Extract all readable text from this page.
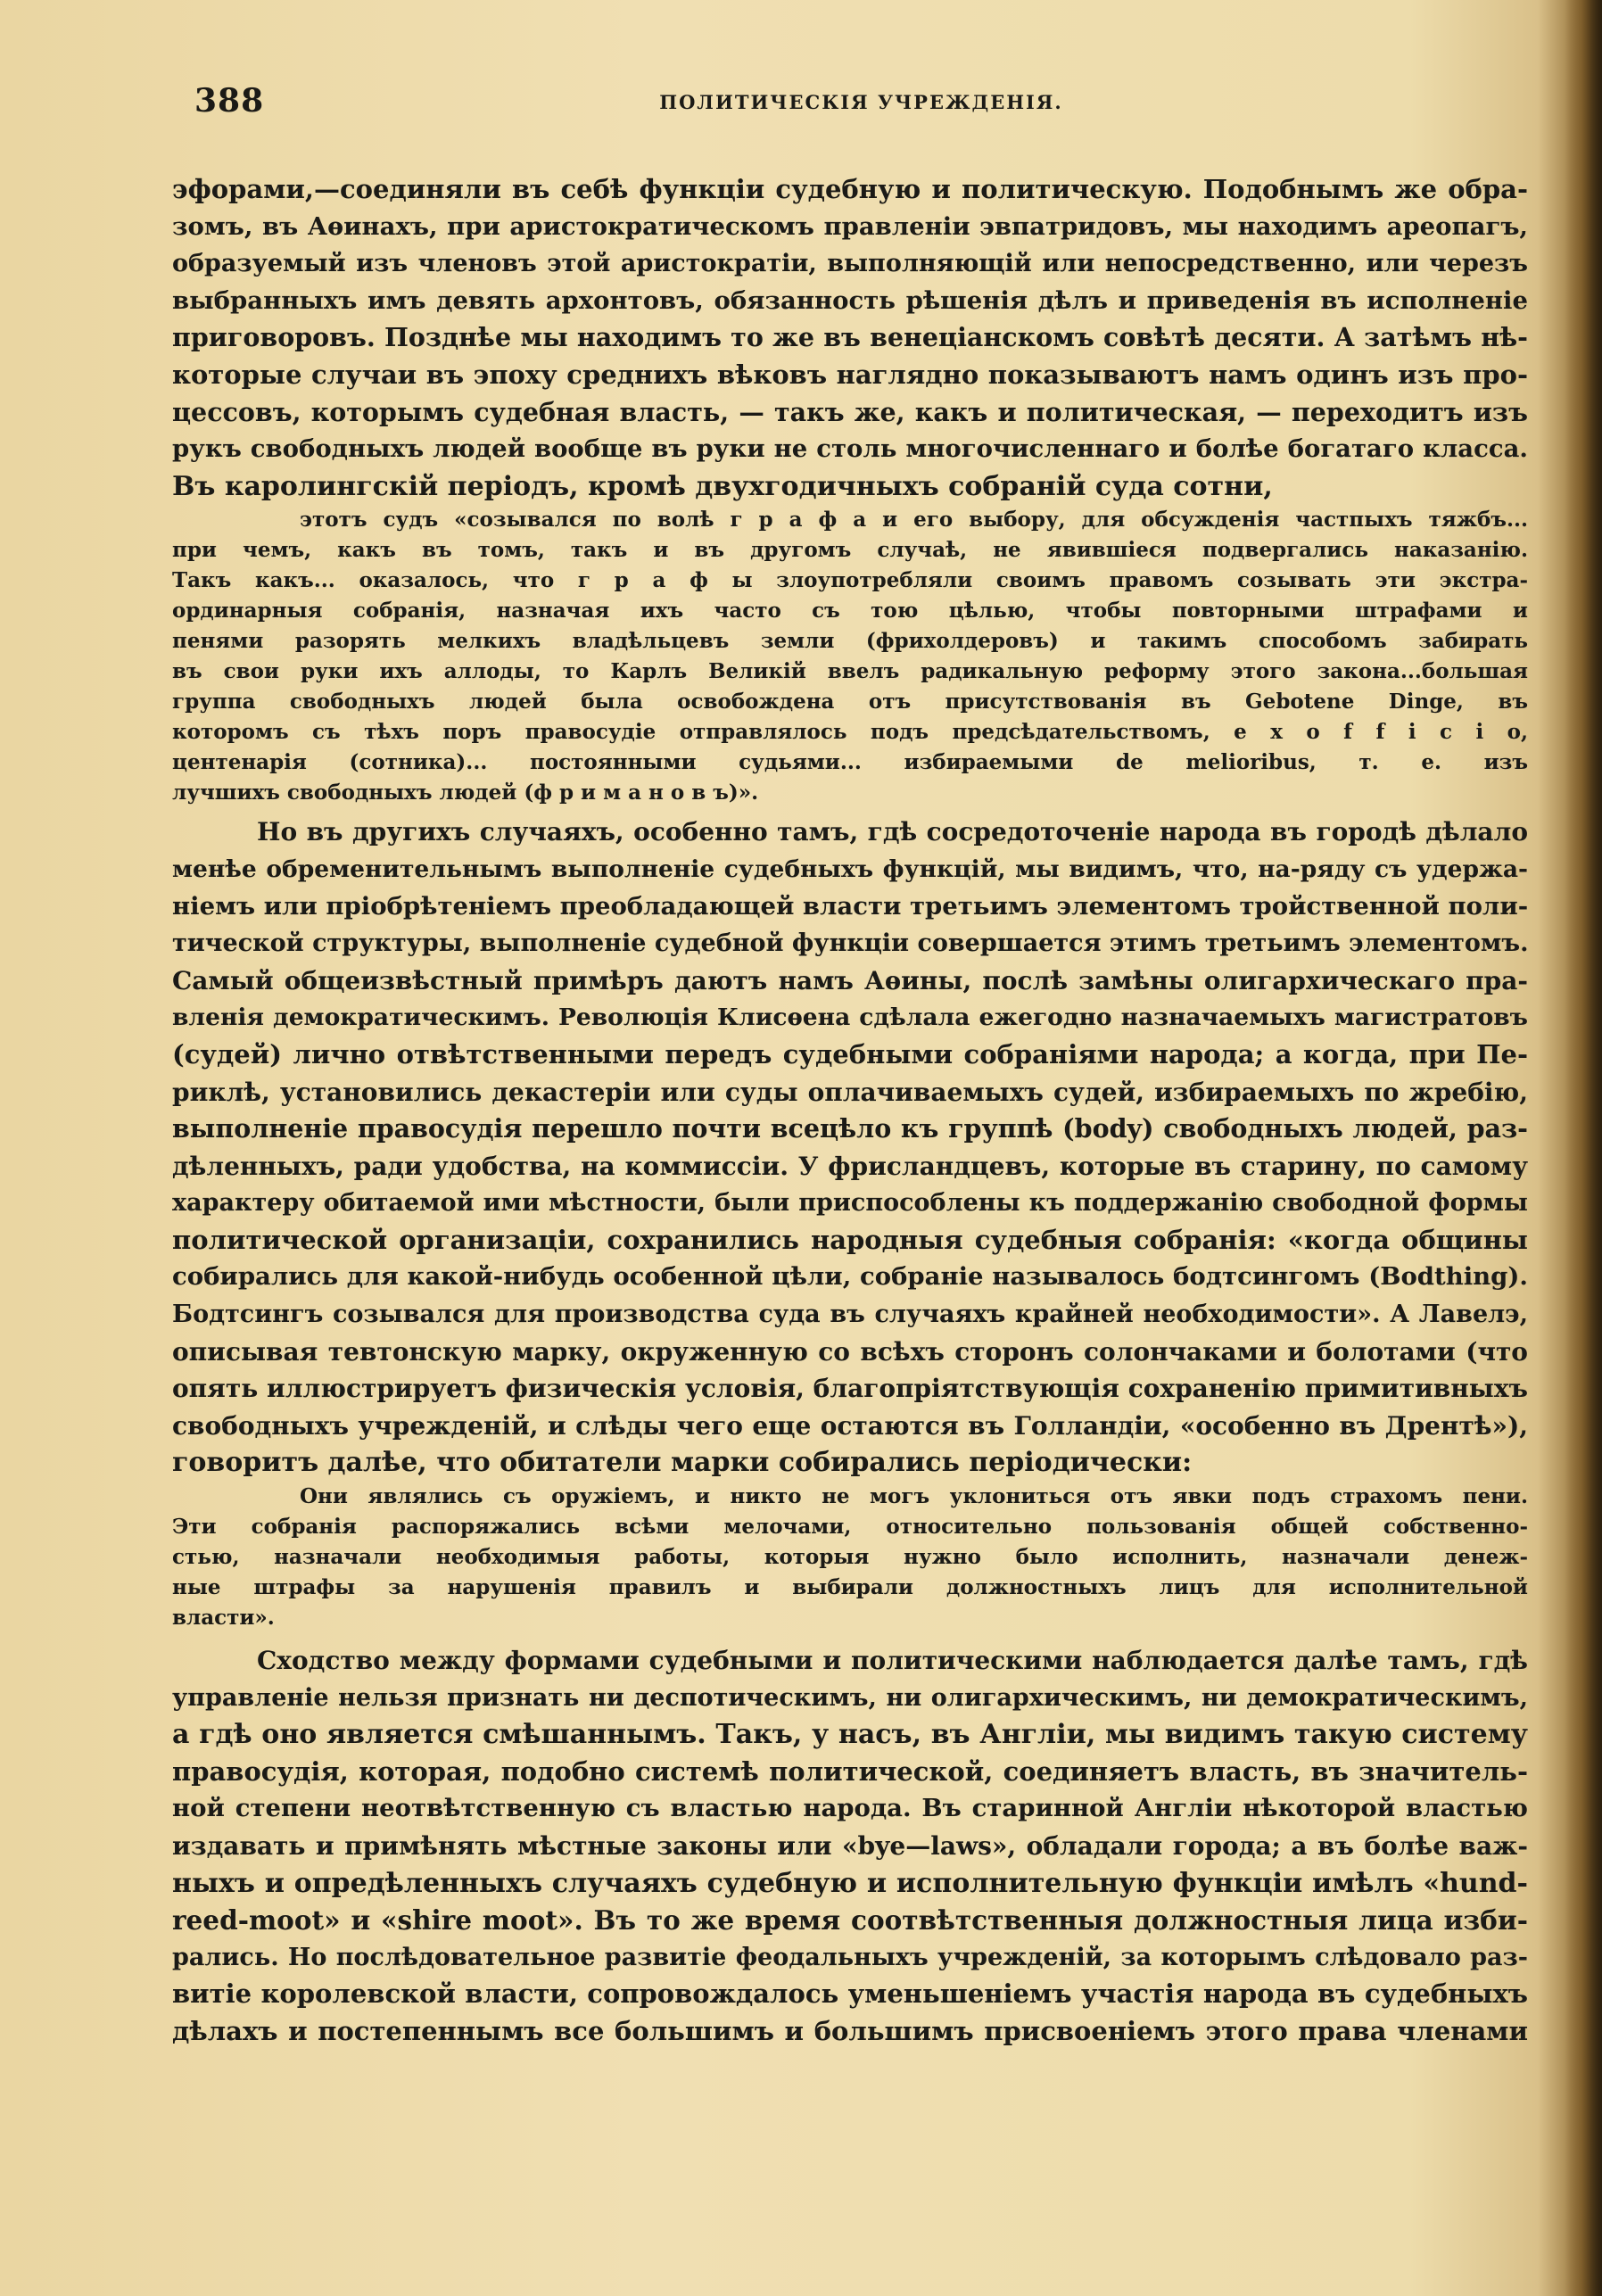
388	ПОЛИТИЧЕСКІЯ УЧРЕЖДЕНІЯ.
эфорами,—соединяли въ себѣ функціи судебную и политическую. Подобнымъ же обра-
зомъ, въ Аѳинахъ, при аристократическомъ правленіи эвпатридовъ, мы находимъ ареопагъ,
образуемый изъ членовъ этой аристократіи, выполняющій или непосредственно, или черезъ
выбранныхъ имъ девять архонтовъ, обязанность рѣшенія дѣлъ и приведенія въ исполненіе
приговоровъ. Позднѣе мы находимъ то же въ венеціанскомъ совѣтѣ десяти. А затѣмъ нѣ-
которые случаи въ эпоху среднихъ вѣковъ наглядно показываютъ намъ одинъ изъ про-
цессовъ, которымъ судебная власть, — такъ же, какъ и политическая, — переходитъ изъ
рукъ свободныхъ людей вообще въ руки не столь многочисленнаго и болѣе богатаго класса.
Въ каролингскій періодъ, кромѣ двухгодичныхъ собраній суда сотни,
этотъ судъ «созывался по волѣ г р а ф а и его выбору, для обсужденія частпыхъ тяжбъ...
при чемъ, какъ въ томъ, такъ и въ другомъ случаѣ, не явившіеся подвергались наказанію.
Такъ какъ... оказалось, что г р а ф ы злоупотребляли своимъ правомъ созывать эти экстра-
ординарныя собранія, назначая ихъ часто съ тою цѣлью, чтобы повторными штрафами и
пенями разорять мелкихъ владѣльцевъ земли (фрихолдеровъ) и такимъ способомъ забирать
въ свои руки ихъ аллоды, то Карлъ Великій ввелъ радикальную реформу этого закона...большая
группа свободныхъ людей была освобождена отъ присутствованія въ Gebotene Dinge, въ
которомъ съ тѣхъ поръ правосудіе отправлялось подъ предсѣдательствомъ, e x o f f i c i o,
центенарія (сотника)... постоянными судьями... избираемыми de melioribus, т. е. изъ
лучшихъ свободныхъ людей (ф р и м а н о в ъ)».
Но въ другихъ случаяхъ, особенно тамъ, гдѣ сосредоточеніе народа въ городѣ дѣлало
менѣе обременительнымъ выполненіе судебныхъ функцій, мы видимъ, что, на-ряду съ удержа-
ніемъ или пріобрѣтеніемъ преобладающей власти третьимъ элементомъ тройственной поли-
тической структуры, выполненіе судебной функціи совершается этимъ третьимъ элементомъ.
Самый общеизвѣстный примѣръ даютъ намъ Аѳины, послѣ замѣны олигархическаго пра-
вленія демократическимъ. Революція Клисѳена сдѣлала ежегодно назначаемыхъ магистратовъ
(судей) лично отвѣтственными передъ судебными собраніями народа; а когда, при Пе-
риклѣ, установились декастеріи или суды оплачиваемыхъ судей, избираемыхъ по жребію,
выполненіе правосудія перешло почти всецѣло къ группѣ (body) свободныхъ людей, раз-
дѣленныхъ, ради удобства, на коммиссіи. У фрисландцевъ, которые въ старину, по самому
характеру обитаемой ими мѣстности, были приспособлены къ поддержанію свободной формы
политической организаціи, сохранились народныя судебныя собранія: «когда общины
собирались для какой-нибудь особенной цѣли, собраніе называлось бодтсингомъ (Bodthing).
Бодтсингъ созывался для производства суда въ случаяхъ крайней необходимости». А Лавелэ,
описывая тевтонскую марку, окруженную со всѣхъ сторонъ солончаками и болотами (что
опять иллюстрируетъ физическія условія, благопріятствующія сохраненію примитивныхъ
свободныхъ учрежденій, и слѣды чего еще остаются въ Голландіи, «особенно въ Дрентѣ»),
говоритъ далѣе, что обитатели марки собирались періодически:
Они являлись съ оружіемъ, и никто не могъ уклониться отъ явки подъ страхомъ пени.
Эти собранія распоряжались всѣми мелочами, относительно пользованія общей собственно-
стью, назначали необходимыя работы, которыя нужно было исполнить, назначали денеж-
ные штрафы за нарушенія правилъ и выбирали должностныхъ лицъ для исполнительной
власти».
Сходство между формами судебными и политическими наблюдается далѣе тамъ, гдѣ
управленіе нельзя признать ни деспотическимъ, ни олигархическимъ, ни демократическимъ,
а гдѣ оно является смѣшаннымъ. Такъ, у насъ, въ Англіи, мы видимъ такую систему
правосудія, которая, подобно системѣ политической, соединяетъ власть, въ значитель-
ной степени неотвѣтственную съ властью народа. Въ старинной Англіи нѣкоторой властью
издавать и примѣнять мѣстные законы или «bye—laws», обладали города; а въ болѣе важ-
ныхъ и опредѣленныхъ случаяхъ судебную и исполнительную функціи имѣлъ «hund-
reed-moot» и «shire moot». Въ то же время соотвѣтственныя должностныя лица изби-
рались. Но послѣдовательное развитіе феодальныхъ учрежденій, за которымъ слѣдовало раз-
витіе королевской власти, сопровождалось уменьшеніемъ участія народа въ судебныхъ
дѣлахъ и постепеннымъ все большимъ и большимъ присвоеніемъ этого права членами
